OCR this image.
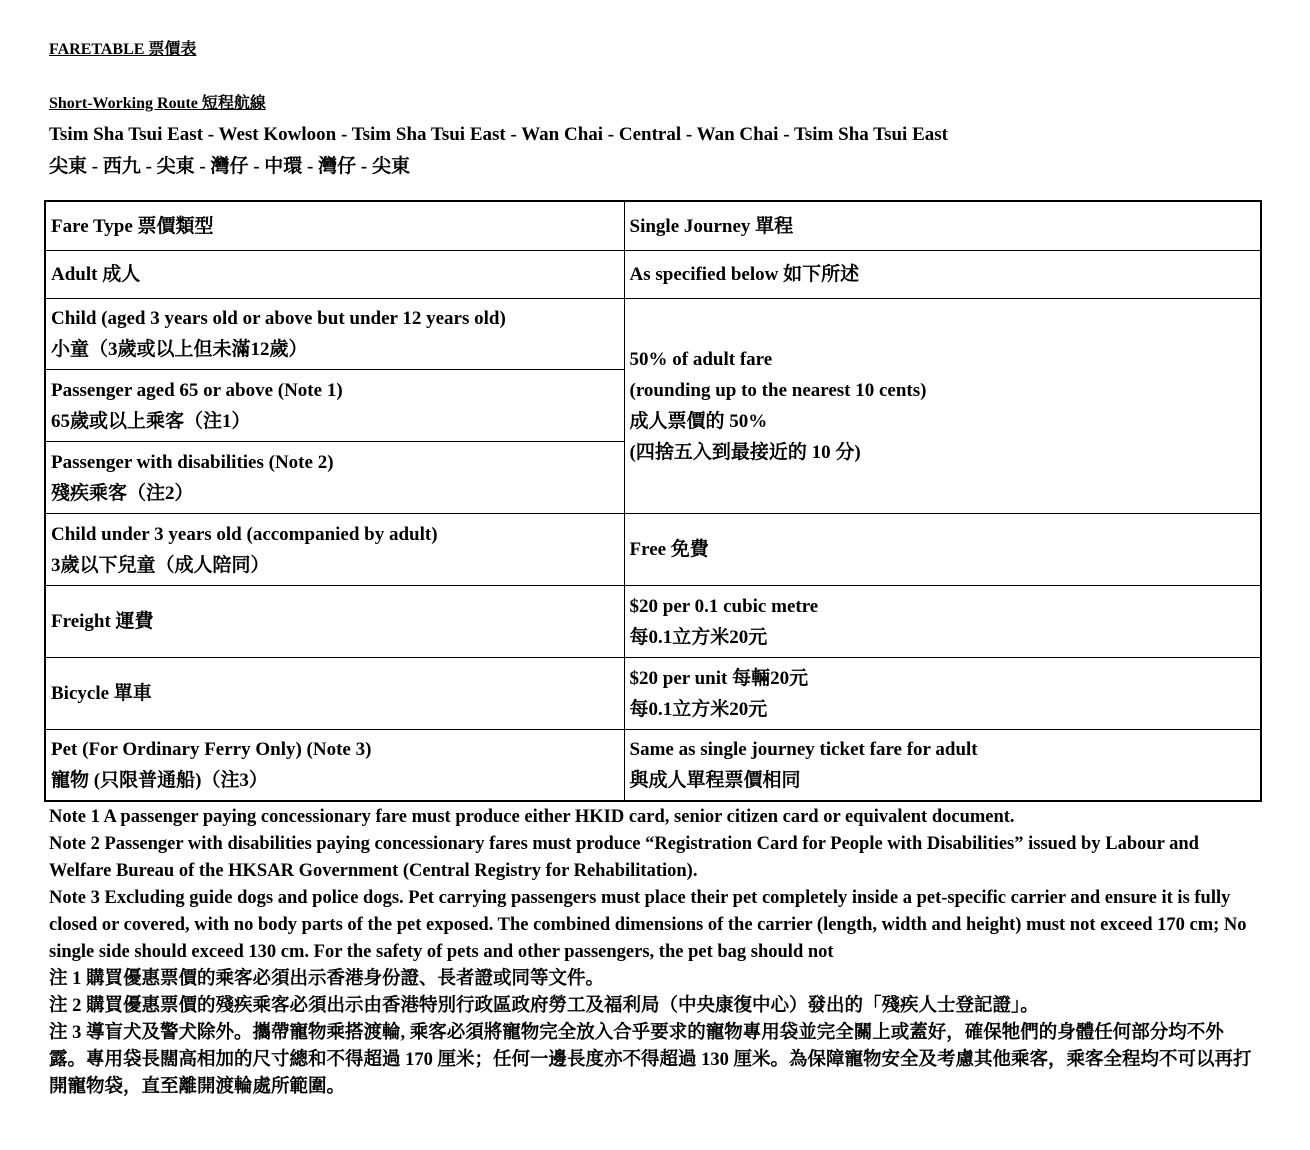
FARETABLE 票價表

Short-Working Route 短程航線

Tsim Sha Tsui East - West Kowloon - Tsim Sha Tsui East - Wan Chai - Central - Wan Chai - Tsim Sha Tsui East

尖東 - 西九 - 尖東 - 灣仔 - 中環 - 灣仔 - 尖東

Fare Type 票價類型	Single Journey 單程
Adult 成人	As specified below 如下所述

Child (aged 3 years old or above but under 12 years old)
小童（3歲或以上但未滿12歲）	50% of adult fare
(rounding up to the nearest 10 cents)
成人票價的 50%
(四捨五入到最接近的 10 分)

Passenger aged 65 or above (Note 1)
65歲或以上乘客（注1）	

Passenger with disabilities (Note 2)
殘疾乘客（注2）	

Child under 3 years old (accompanied by adult)
3歲以下兒童（成人陪同）	Free 免費
Freight 運費	$20 per 0.1 cubic metre
每0.1立方米20元

Bicycle 單車	$20 per unit 每輛20元
每0.1立方米20元

Pet (For Ordinary Ferry Only) (Note 3)
寵物 (只限普通船)（注3）	Same as single journey ticket fare for adult
與成人單程票價相同

Note 1 A passenger paying concessionary fare must produce either HKID card, senior citizen card or equivalent document.

Note 2 Passenger with disabilities paying concessionary fares must produce “Registration Card for People with Disabilities” issued by Labour and Welfare Bureau of the HKSAR Government (Central Registry for Rehabilitation).

Note 3 Excluding guide dogs and police dogs. Pet carrying passengers must place their pet completely inside a pet-specific carrier and ensure it is fully closed or covered, with no body parts of the pet exposed. The combined dimensions of the carrier (length, width and height) must not exceed 170 cm; No single side should exceed 130 cm. For the safety of pets and other passengers, the pet bag should not

注 1 購買優惠票價的乘客必須出示香港身份證、長者證或同等文件。

注 2 購買優惠票價的殘疾乘客必須出示由香港特別行政區政府勞工及福利局（中央康復中心）發出的「殘疾人士登記證」。

注 3 導盲犬及警犬除外。攜帶寵物乘搭渡輪, 乘客必須將寵物完全放入合乎要求的寵物專用袋並完全關上或蓋好，確保牠們的身體任何部分均不外露。專用袋長闊高相加的尺寸總和不得超過 170 厘米；任何一邊長度亦不得超過 130 厘米。為保障寵物安全及考慮其他乘客，乘客全程均不可以再打開寵物袋，直至離開渡輪處所範圍。
